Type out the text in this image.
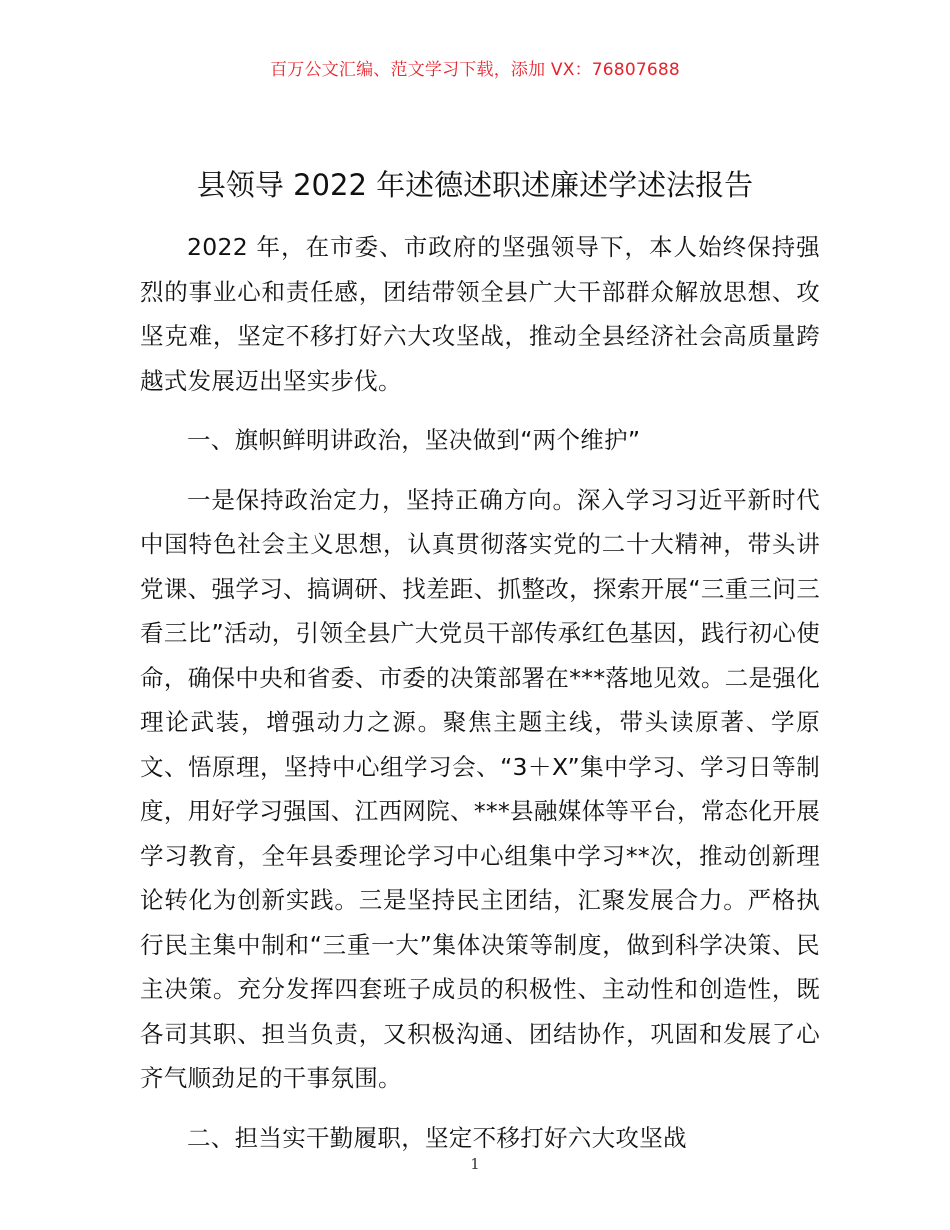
百万公文汇编、范文学习下载，添加 VX：76807688
县领导 2022 年述德述职述廉述学述法报告

2022 年，在市委、市政府的坚强领导下，本人始终保持强烈的事业心和责任感，团结带领全县广大干部群众解放思想、攻坚克难，坚定不移打好六大攻坚战，推动全县经济社会高质量跨越式发展迈出坚实步伐。

一、旗帜鲜明讲政治，坚决做到“两个维护”

一是保持政治定力，坚持正确方向。深入学习习近平新时代中国特色社会主义思想，认真贯彻落实党的二十大精神，带头讲党课、强学习、搞调研、找差距、抓整改，探索开展“三重三问三看三比”活动，引领全县广大党员干部传承红色基因，践行初心使命，确保中央和省委、市委的决策部署在***落地见效。二是强化理论武装，增强动力之源。聚焦主题主线，带头读原著、学原文、悟原理，坚持中心组学习会、“3＋X”集中学习、学习日等制度，用好学习强国、江西网院、***县融媒体等平台，常态化开展学习教育，全年县委理论学习中心组集中学习**次，推动创新理论转化为创新实践。三是坚持民主团结，汇聚发展合力。严格执行民主集中制和“三重一大”集体决策等制度，做到科学决策、民主决策。充分发挥四套班子成员的积极性、主动性和创造性，既各司其职、担当负责，又积极沟通、团结协作，巩固和发展了心齐气顺劲足的干事氛围。

二、担当实干勤履职，坚定不移打好六大攻坚战

1
